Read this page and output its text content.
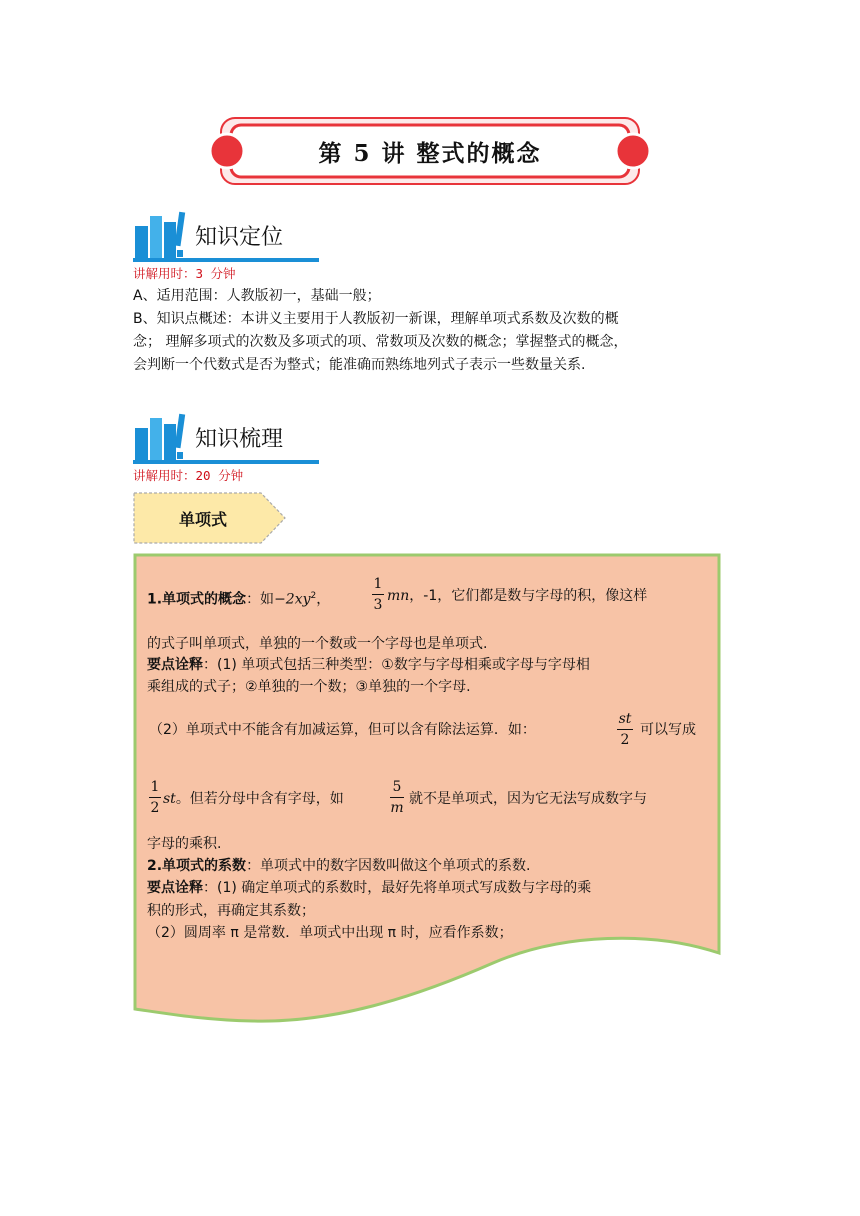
第 5 讲 整式的概念
知识定位
讲解用时：3 分钟
A、适用范围：人教版初一，基础一般；
B、知识点概述：本讲义主要用于人教版初一新课，理解单项式系数及次数的概
念； 理解多项式的次数及多项式的项、常数项及次数的概念；掌握整式的概念，
会判断一个代数式是否为整式；能准确而熟练地列式子表示一些数量关系.
知识梳理
讲解用时：20 分钟
单项式
1.单项式的概念：如$-2xy^2$，
1
3
mn，-1，它们都是数与字母的积，像这样
的式子叫单项式，单独的一个数或一个字母也是单项式.
要点诠释：(1) 单项式包括三种类型：①数字与字母相乘或字母与字母相
乘组成的式子；②单独的一个数；③单独的一个字母.
（2）单项式中不能含有加减运算，但可以含有除法运算．如：
st
2
可以写成
1
2
st。但若分母中含有字母，如
5
m
就不是单项式，因为它无法写成数字与
字母的乘积.
2.单项式的系数：单项式中的数字因数叫做这个单项式的系数.
要点诠释：(1) 确定单项式的系数时，最好先将单项式写成数与字母的乘
积的形式，再确定其系数；
（2）圆周率 π 是常数．单项式中出现 π 时，应看作系数；
